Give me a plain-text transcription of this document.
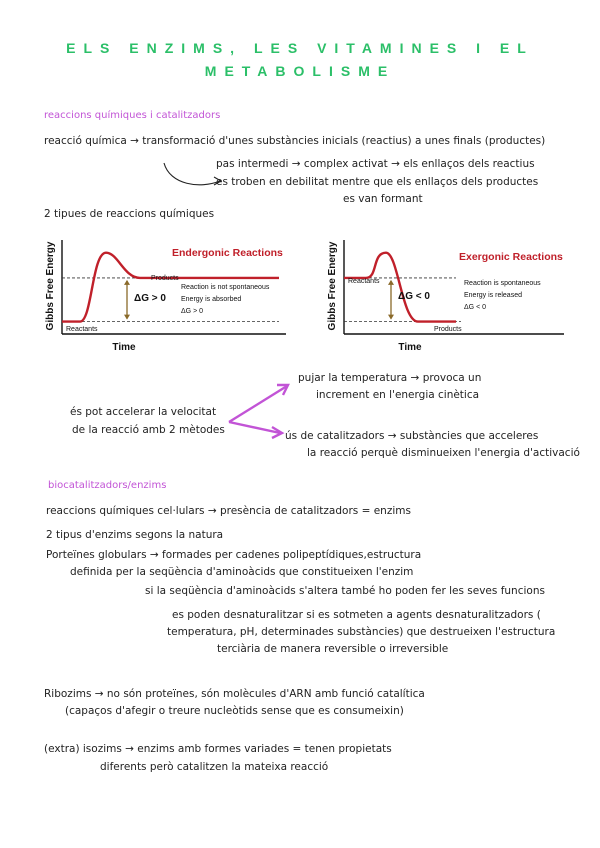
ELS ENZIMS, LES VITAMINES I EL
METABOLISME
reaccions químiques i catalitzadors
reacció química → transformació d'unes substàncies inicials (reactius) a unes finals (productes)
pas intermedi → complex activat → els enllaços dels reactius
es troben en debilitat mentre que els enllaços dels productes
es van formant
2 tipues de reaccions químiques
Gibbs Free Energy
Time
Endergonic Reactions
ΔG > 0
Reactants
Products
Reaction is not spontaneous
Energy is absorbed
ΔG > 0	Gibbs Free Energy
Time
Exergonic Reactions
ΔG < 0
Reactants
Products
Reaction is spontaneous
Energy is released
ΔG < 0
pujar la temperatura → provoca un
increment en l'energia cinètica
és pot accelerar la velocitat
de la reacció amb 2 mètodes	ús de catalitzadors → substàncies que acceleres
la reacció perquè disminueixen l'energia d'activació
biocatalitzadors/enzims
reaccions químiques cel·lulars → presència de catalitzadors = enzims
2 tipus d'enzims segons la natura
Porteïnes globulars → formades per cadenes polipeptídiques,estructura
definida per la seqüència d'aminoàcids que constitueixen l'enzim
si la seqüència d'aminoàcids s'altera també ho poden fer les seves funcions
es poden desnaturalitzar si es sotmeten a agents desnaturalitzadors (
temperatura, pH, determinades substàncies) que destrueixen l'estructura
terciària de manera reversible o irreversible
Ribozims → no són proteïnes, són molècules d'ARN amb funció catalítica
(capaços d'afegir o treure nucleòtids sense que es consumeixin)
(extra) isozims → enzims amb formes variades = tenen propietats
diferents però catalitzen la mateixa reacció
